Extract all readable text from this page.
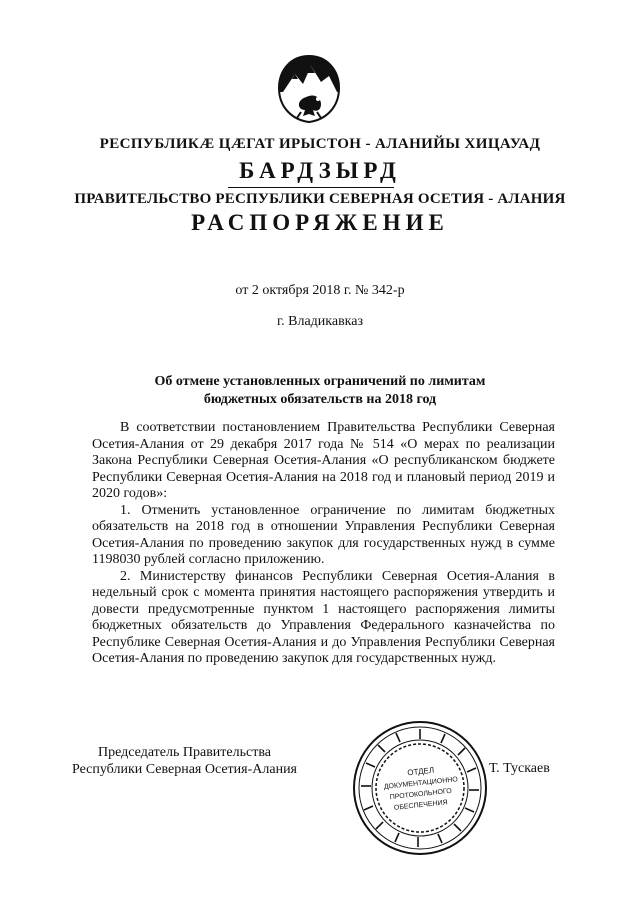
РЕСПУБЛИКӔ ЦӔГАТ ИРЫСТОН - АЛАНИЙЫ ХИЦАУАД
БАРДЗЫРД
ПРАВИТЕЛЬСТВО РЕСПУБЛИКИ СЕВЕРНАЯ ОСЕТИЯ - АЛАНИЯ
РАСПОРЯЖЕНИЕ
от 2 октября 2018 г. № 342-р
г. Владикавказ
Об отмене установленных ограничений по лимитам
бюджетных обязательств на 2018 год

В соответствии постановлением Правительства Республики Северная Осетия-Алания от 29 декабря 2017 года № 514 «О мерах по реализации Закона Республики Северная Осетия-Алания «О республиканском бюджете Республики Северная Осетия-Алания на 2018 год и плановый период 2019 и 2020 годов»:

1. Отменить установленное ограничение по лимитам бюджетных обязательств на 2018 год в отношении Управления Республики Северная Осетия-Алания по проведению закупок для государственных нужд в сумме 1198030 рублей согласно приложению.

2. Министерству финансов Республики Северная Осетия-Алания в недельный срок с момента принятия настоящего распоряжения утвердить и довести предусмотренные пунктом 1 настоящего распоряжения лимиты бюджетных обязательств до Управления Федерального казначейства по Республике Северная Осетия-Алания и до Управления Республики Северная Осетия-Алания по проведению закупок для государственных нужд.

Председатель Правительства
Республики Северная Осетия-Алания	ОТДЕЛ
ДОКУМЕНТАЦИОННО
ПРОТОКОЛЬНОГО
ОБЕСПЕЧЕНИЯ
Т. Тускаев
